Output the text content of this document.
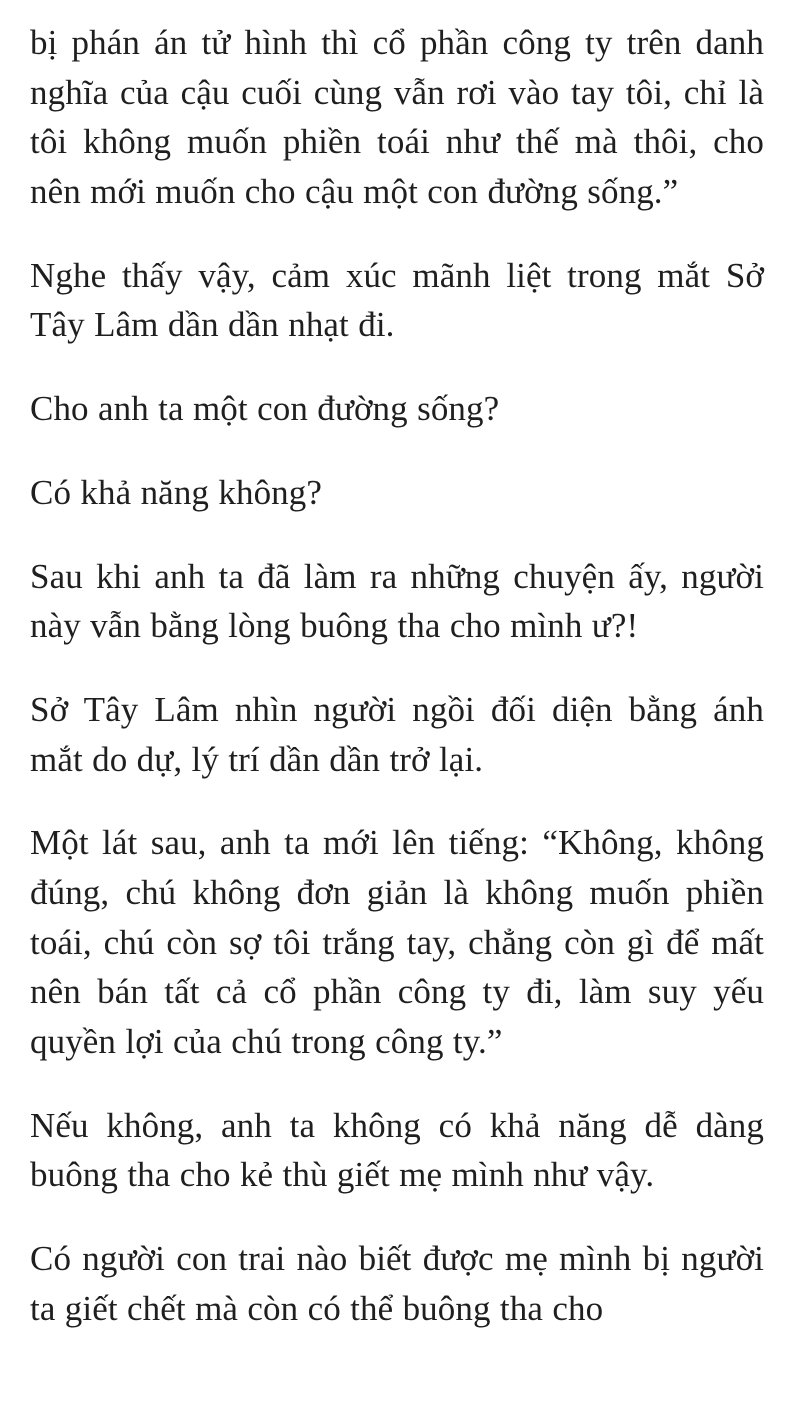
bị phán án tử hình thì cổ phần công ty trên danh nghĩa của cậu cuối cùng vẫn rơi vào tay tôi, chỉ là tôi không muốn phiền toái như thế mà thôi, cho nên mới muốn cho cậu một con đường sống.”

Nghe thấy vậy, cảm xúc mãnh liệt trong mắt Sở Tây Lâm dần dần nhạt đi.

Cho anh ta một con đường sống?

Có khả năng không?

Sau khi anh ta đã làm ra những chuyện ấy, người này vẫn bằng lòng buông tha cho mình ư?!

Sở Tây Lâm nhìn người ngồi đối diện bằng ánh mắt do dự, lý trí dần dần trở lại.

Một lát sau, anh ta mới lên tiếng: “Không, không đúng, chú không đơn giản là không muốn phiền toái, chú còn sợ tôi trắng tay, chẳng còn gì để mất nên bán tất cả cổ phần công ty đi, làm suy yếu quyền lợi của chú trong công ty.”

Nếu không, anh ta không có khả năng dễ dàng buông tha cho kẻ thù giết mẹ mình như vậy.

Có người con trai nào biết được mẹ mình bị người ta giết chết mà còn có thể buông tha cho
